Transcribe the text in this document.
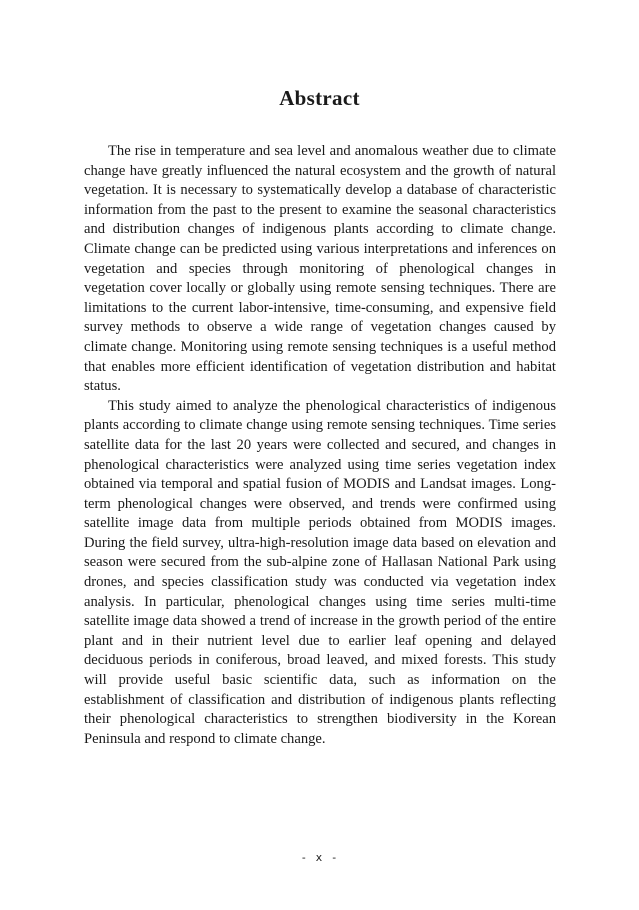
Abstract

The rise in temperature and sea level and anomalous weather due to climate change have greatly influenced the natural ecosystem and the growth of natural vegetation. It is necessary to systematically develop a database of characteristic information from the past to the present to examine the seasonal characteristics and distribution changes of indigenous plants according to climate change. Climate change can be predicted using various interpretations and inferences on vegetation and species through monitoring of phenological changes in vegetation cover locally or globally using remote sensing techniques. There are limitations to the current labor-intensive, time-consuming, and expensive field survey methods to observe a wide range of vegetation changes caused by climate change. Monitoring using remote sensing techniques is a useful method that enables more efficient identification of vegetation distribution and habitat status.

This study aimed to analyze the phenological characteristics of indigenous plants according to climate change using remote sensing techniques. Time series satellite data for the last 20 years were collected and secured, and changes in phenological characteristics were analyzed using time series vegetation index obtained via temporal and spatial fusion of MODIS and Landsat images. Long-term phenological changes were observed, and trends were confirmed using satellite image data from multiple periods obtained from MODIS images. During the field survey, ultra-high-resolution image data based on elevation and season were secured from the sub-alpine zone of Hallasan National Park using drones, and species classification study was conducted via vegetation index analysis. In particular, phenological changes using time series multi-time satellite image data showed a trend of increase in the growth period of the entire plant and in their nutrient level due to earlier leaf opening and delayed deciduous periods in coniferous, broad leaved, and mixed forests. This study will provide useful basic scientific data, such as information on the establishment of classification and distribution of indigenous plants reflecting their phenological characteristics to strengthen biodiversity in the Korean Peninsula and respond to climate change.

- x -
